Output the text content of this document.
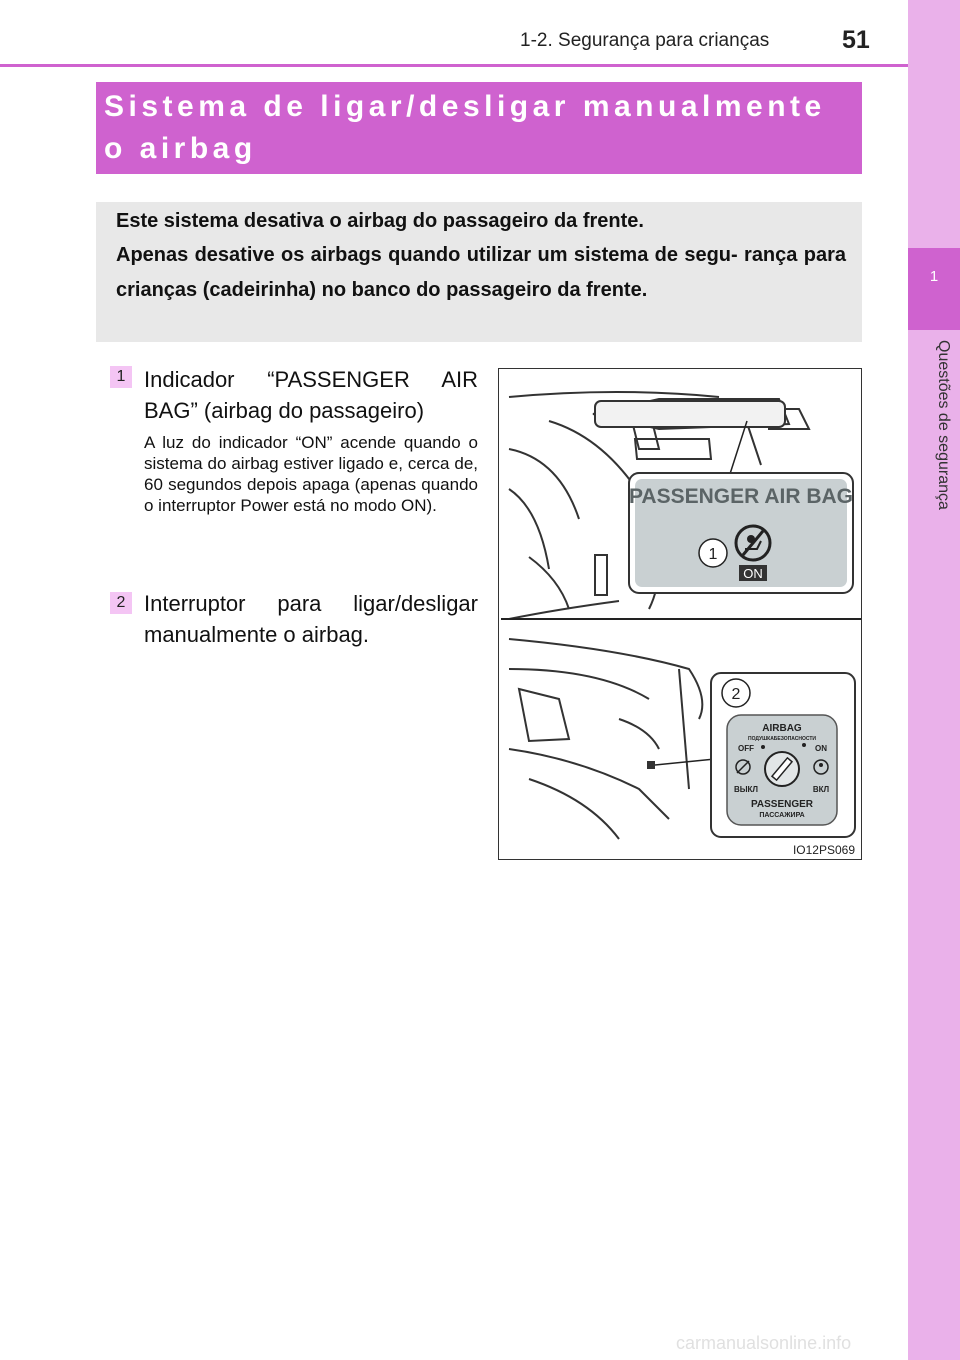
1
Questões de segurança
1-2. Segurança para crianças	51
Sistema de ligar/desligar manualmente o airbag

Este sistema desativa o airbag do passageiro da frente.

Apenas desative os airbags quando utilizar um sistema de segu- rança para crianças (cadeirinha) no banco do passageiro da frente.

1 Indicador “PASSENGER AIR BAG” (airbag do passageiro)

A luz do indicador “ON” acende quando o sistema do airbag estiver ligado e, cerca de, 60 segundos depois apaga (apenas quando o interruptor Power está no modo ON).

2 Interruptor para ligar/desligar manualmente o airbag.

PASSENGER AIR BAG
1
ON
2
AIRBAG
ПОДУШКАБЕЗОПАСНОСТИ
OFF	ON
ВЫКЛ	ВКЛ
PASSENGER
ПАССАЖИРА
IO12PS069
carmanualsonline.info
